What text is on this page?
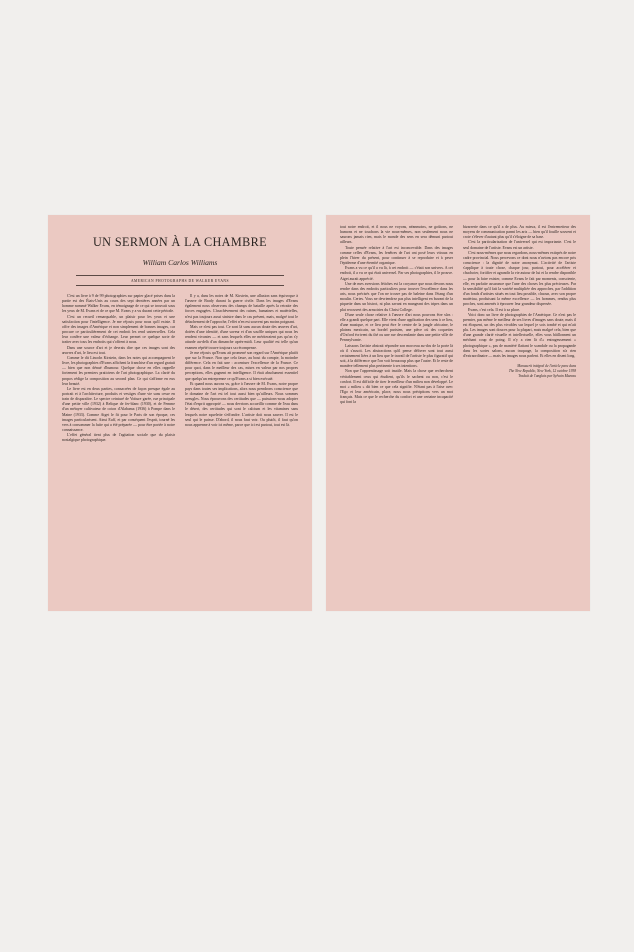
UN SERMON À LA CHAMBRE
William Carlos Williams
AMERICAN PHOTOGRAPHS DE WALKER EVANS

C'est un livre à 9 de 99 photographies sur papier glacé prises dans la partie est des États-Unis au cours des sept dernières années par un homme nommé Walker Evans, en témoignage de ce qui se trouvait sous les yeux de M. Evans et de ce que M. Evans y a vu durant cette période.

C'est un recueil remarquable, un plaisir pour les yeux et une satisfaction pour l'intelligence. Je me réjouis pour nous qu'il existe. Il offre des images d'Amérique et non simplement de bonnes images, car procure ce particulièrement de cet endroit les rend universelles. Cela leur confère une valeur d'échange. Leur permet ce quelque sorte de traiter avec tous les endroits qui s'offrent à nous.

Dans une source d'art et je devrais dire que ces images sont des œuvres d'art, le lieu est tout.

Comme le dit Lincoln Kirstein, dans les notes qui accompagnent le livre, les photographies d'Evans affichent la franchise d'un regard gratuit — bien que non dénué d'humour. Quelque chose en elles rappelle fortement les premiers praticiens de l'art photographique. La clarté du propos rédige la composition au second plan. Ce qui s'affirme en eux leur beauté.

Le livre est en deux parties, consacrées de façon presque égale au portrait et à l'architecture, produits et vestiges d'une vie sans cesse en train de disparaître. Le spectre ceinturé de Voiture garée, rue principale d'une petite ville (1932) à Relique de fer-blanc (1930), et de Femme d'un métayer cultivateur de coton d'Alabama (1936) à Pompe dans le Maine (1933). Comme Atget le fit pour le Paris de son époque, ces images particularisent. Ainsi Euff, et par conséquent l'esprit, tourné les vers à consommer la fuite qui a été préparée — pour être portée à notre connaissance.

L'effet général tient plus de l'agitation sociale que du plaisir nostalgique photographique.

Il y a, dans les notes de M. Kirstein, une allusion sans équivoque à l'œuvre de Brady durant la guerre civile. Dans les images d'Evans également nous observons des champs de bataille après la retraite des forces engagées. L'inachèvement des ruines, humaines et matérielles, n'est pas toujours aussi sinistre dans le cas présent, mais, malgré tout le détachement de l'approche, l'effet n'en est souvent pas moins poignant.

Mais ce n'est pas tout. Ce sont là sans aucun doute des œuvres d'art, dotées d'une identité, d'une saveur et d'un souffle uniques qui nous les rendent vivantes — et sans lesquels elles ne mériteraient pas qu'on s'y attarde au-delà d'un dimanche après-midi. Leur qualité est telle qu'un examen répété trouve toujours sa récompense.

Je me réjouis qu'Evans ait promené son regard sur l'Amérique plutôt que sur la France. Non que cela fasse, au bout du compte, la moindre différence. Cela en fait une : accentuer l'excellence de la France. Ce pour quoi, dans le meilleur des cas, mises en valeur par nos propres perceptions, elles gagnent en intelligence. Il était absolument essentiel que quelqu'un entreprenne ce qu'Evans a si bien exécuté.

Et quand nous aurons vu, grâce à l'œuvre de M. Evans, notre propre pays dans toutes ses implications, alors nous prendrons conscience que le domaine de l'art est tel tout aussi bien qu'ailleurs. Nous sommes aveugles. Nous éprouvons des certitudes que — puissions-nous adopter l'état d'esprit approprié — nous devrions accueillir comme de l'eau dans le désert, des certitudes qui sont le calcium et les vitamines sans lesquels notre squelette s'effondre. L'artiste doit nous sauver. Il est le seul qui le puisse. D'abord, il nous faut voir. Ou plutôt, il faut qu'on nous apprenne à voir ici même, parce que ici est partout, tout est là.

tout notre endroit, et il nous ne voyons, néanmoins, ne goûtons, ne humons et ne touchons la vie nous-mêmes, non seulement nous ne saurons jamais rien, mais le monde des sens en sera démuni partout ailleurs.

Toute pensée relative à l'art est inconcevable. Dans des images comme celles d'Evans, les fenêtres de l'art ont posé leurs vitraux en plein l'hiver du présent, pour continuer à se reproduire et à peser l'épiderme d'une éternité organique.

Evans a vu ce qu'il a vu là, à cet endroit — c'était son univers. A cet endroit, il a vu ce qui était universel. Par ses photographies, il le prouve. Atget aurait apprécié.

Une de mes aversions fétiches est la croyance que nous devons nous rendre dans des endroits particuliers pour trouver l'excellence dans les arts, nous précisés que l'on ne trouve pas de baleine dans l'étang d'un moulin. Certes. Vous ne devriendrez pas plus intelligent en buvant de la piquette dans un bistrot, ni plus savant en mangeant des tripes dans un plat recouvert des armoiries du Christ College.

D'une seule chose relative à l'œuvre d'art nous pouvons être sûrs : elle a grandi quelque part. Elle vient d'une application des sens à ce lieu, d'une musique, et ce lieu peut être le centre de la jungle africaine, le plateau mexicain, un bordel parisien, une pièce où des coquettes d'Oxford écrivent du thé ou une rue descendante dans une petite ville de Pennsylvanie.

Laissons l'artiste abstrait répondre son morceau au-dos de la porte là où il s'assoit. Les abstractions qu'il pense délivrer sont tout aussi certainement liées à un lieu que le travail de l'artiste le plus figuratif qui soit, à la différence que l'on voit beaucoup plus que l'autre. Et le reste de manière tellement plus pertinente à ses intentions.

Non que l'apprentissage soit inutile. Mais la chose que recherchent véritablement ceux qui étudient, qu'ils le sachent ou non, c'est le confort. Il est difficile de tirer le meilleur d'un milieu non développé. Le mot « milieu » dit bien ce que cela signifie. N'étant pas à l'aise avec l'Ego et leur américain, place, nous nous précipitons vers un mot français. Mais ce que le recherche du confort et une certaine incapacité qui font la

bizarrerie dans ce qu'il a de plus. Au mieux, il est l'entremetteur des moyens de communication parmi les arts — bien qu'il fouille souvent et croie s'élever d'autant plus qu'il s'éloigne de sa base.

C'est la particularisation de l'universel qui est importante. C'est le seul domaine de l'artiste. Evans est un artiste.

C'est nous-mêmes que nous regardons, nous-mêmes extirpés de notre cadre provincial. Nous percevons ce dont nous n'avions pas encore pris conscience : la dignité de notre anonymat. L'activité de l'artiste s'applique à toute chose, chaque jour, partout, pour accélérer et chuchoter, fortifier et agrandir la vie autour de lui et la rendre disponible — pour la faire exister, comme Evans le fait par moments, consciente, elle, en parfaite assurance que l'une des choses les plus précieuses. Par la sensibilité qu'il fait la variété multipliée des approches, par l'addition d'un fonds d'artistes situés en tout lieu possible, chacun, avec son propre matériau, produisant la même excellence — les hommes, rendus plus proches, sont amenés à éprouver leur grandeur dispersée.

Evans, c'est cela. Il est à sa place.

Voici donc un livre de photographies de l'Amérique. Ce n'est pas le premier, pas même le meilleur de ses livres d'images sans doute, mais il est éloquent, un des plus vivables sur lequel je sois tombé et qui m'ait plu. Les images sont douces pour la plupart, mais malgré cela, bien que d'une grande clarté visuelle et intellectuelle, elles vous bâillonnent un méchant coup de poing. Il n'y a rien là d'« entrageusement » photographique », pas de maniéré flattant le scandale ou la propagande dans les sortes salons, aucun truquage, la composition n'a rien d'extraordinaire — mais les images nous parlent. Et elles en disent long.

Manuscrit intégral de l'article paru dans
The New Republic, New York, 12 octobre 1938
Traduit de l'anglais par Sylvain Mazeau
